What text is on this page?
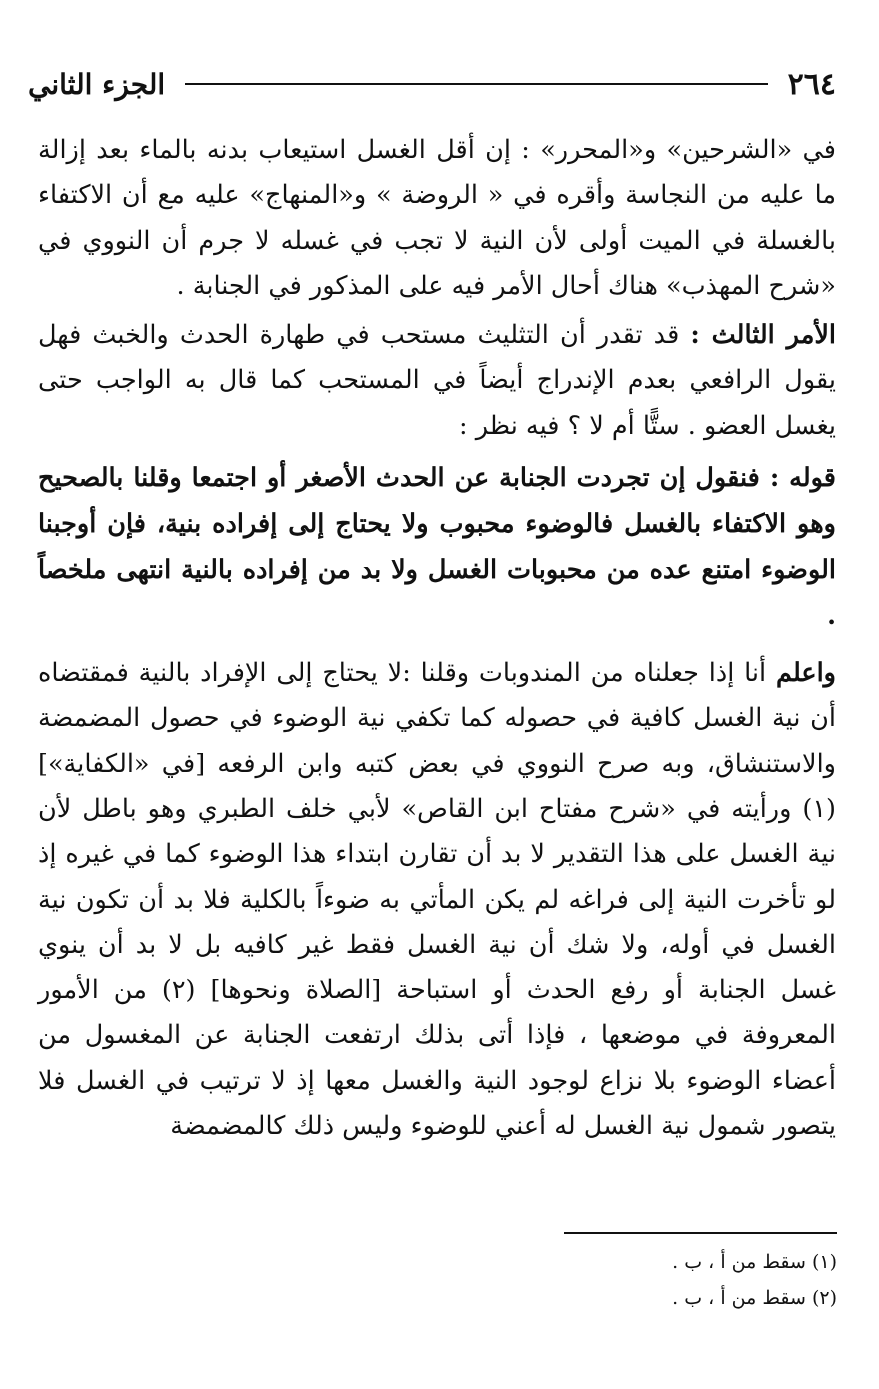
٢٦٤
الجزء الثاني

في «الشرحين» و«المحرر» : إن أقل الغسل استيعاب بدنه بالماء بعد إزالة ما عليه من النجاسة وأقره في « الروضة » و«المنهاج» عليه مع أن الاكتفاء بالغسلة في الميت أولى لأن النية لا تجب في غسله لا جرم أن النووي في «شرح المهذب» هناك أحال الأمر فيه على المذكور في الجنابة .

الأمر الثالث : قد تقدر أن التثليث مستحب في طهارة الحدث والخبث فهل يقول الرافعي بعدم الإندراج أيضاً في المستحب كما قال به الواجب حتى يغسل العضو . ستًّا أم لا ؟ فيه نظر :

قوله : فنقول إن تجردت الجنابة عن الحدث الأصغر أو اجتمعا وقلنا بالصحيح وهو الاكتفاء بالغسل فالوضوء محبوب ولا يحتاج إلى إفراده بنية، فإن أوجبنا الوضوء امتنع عده من محبوبات الغسل ولا بد من إفراده بالنية انتهى ملخصاً .

واعلم أنا إذا جعلناه من المندوبات وقلنا :لا يحتاج إلى الإفراد بالنية فمقتضاه أن نية الغسل كافية في حصوله كما تكفي نية الوضوء في حصول المضمضة والاستنشاق، وبه صرح النووي في بعض كتبه وابن الرفعه [في «الكفاية»] (١) ورأيته في «شرح مفتاح ابن القاص» لأبي خلف الطبري وهو باطل لأن نية الغسل على هذا التقدير لا بد أن تقارن ابتداء هذا الوضوء كما في غيره إذ لو تأخرت النية إلى فراغه لم يكن المأتي به ضوءاً بالكلية فلا بد أن تكون نية الغسل في أوله، ولا شك أن نية الغسل فقط غير كافيه بل لا بد أن ينوي غسل الجنابة أو رفع الحدث أو استباحة [الصلاة ونحوها] (٢) من الأمور المعروفة في موضعها ، فإذا أتى بذلك ارتفعت الجنابة عن المغسول من أعضاء الوضوء بلا نزاع لوجود النية والغسل معها إذ لا ترتيب في الغسل فلا يتصور شمول نية الغسل له أعني للوضوء وليس ذلك كالمضمضة

(١) سقط من أ ، ب .

(٢) سقط من أ ، ب .
